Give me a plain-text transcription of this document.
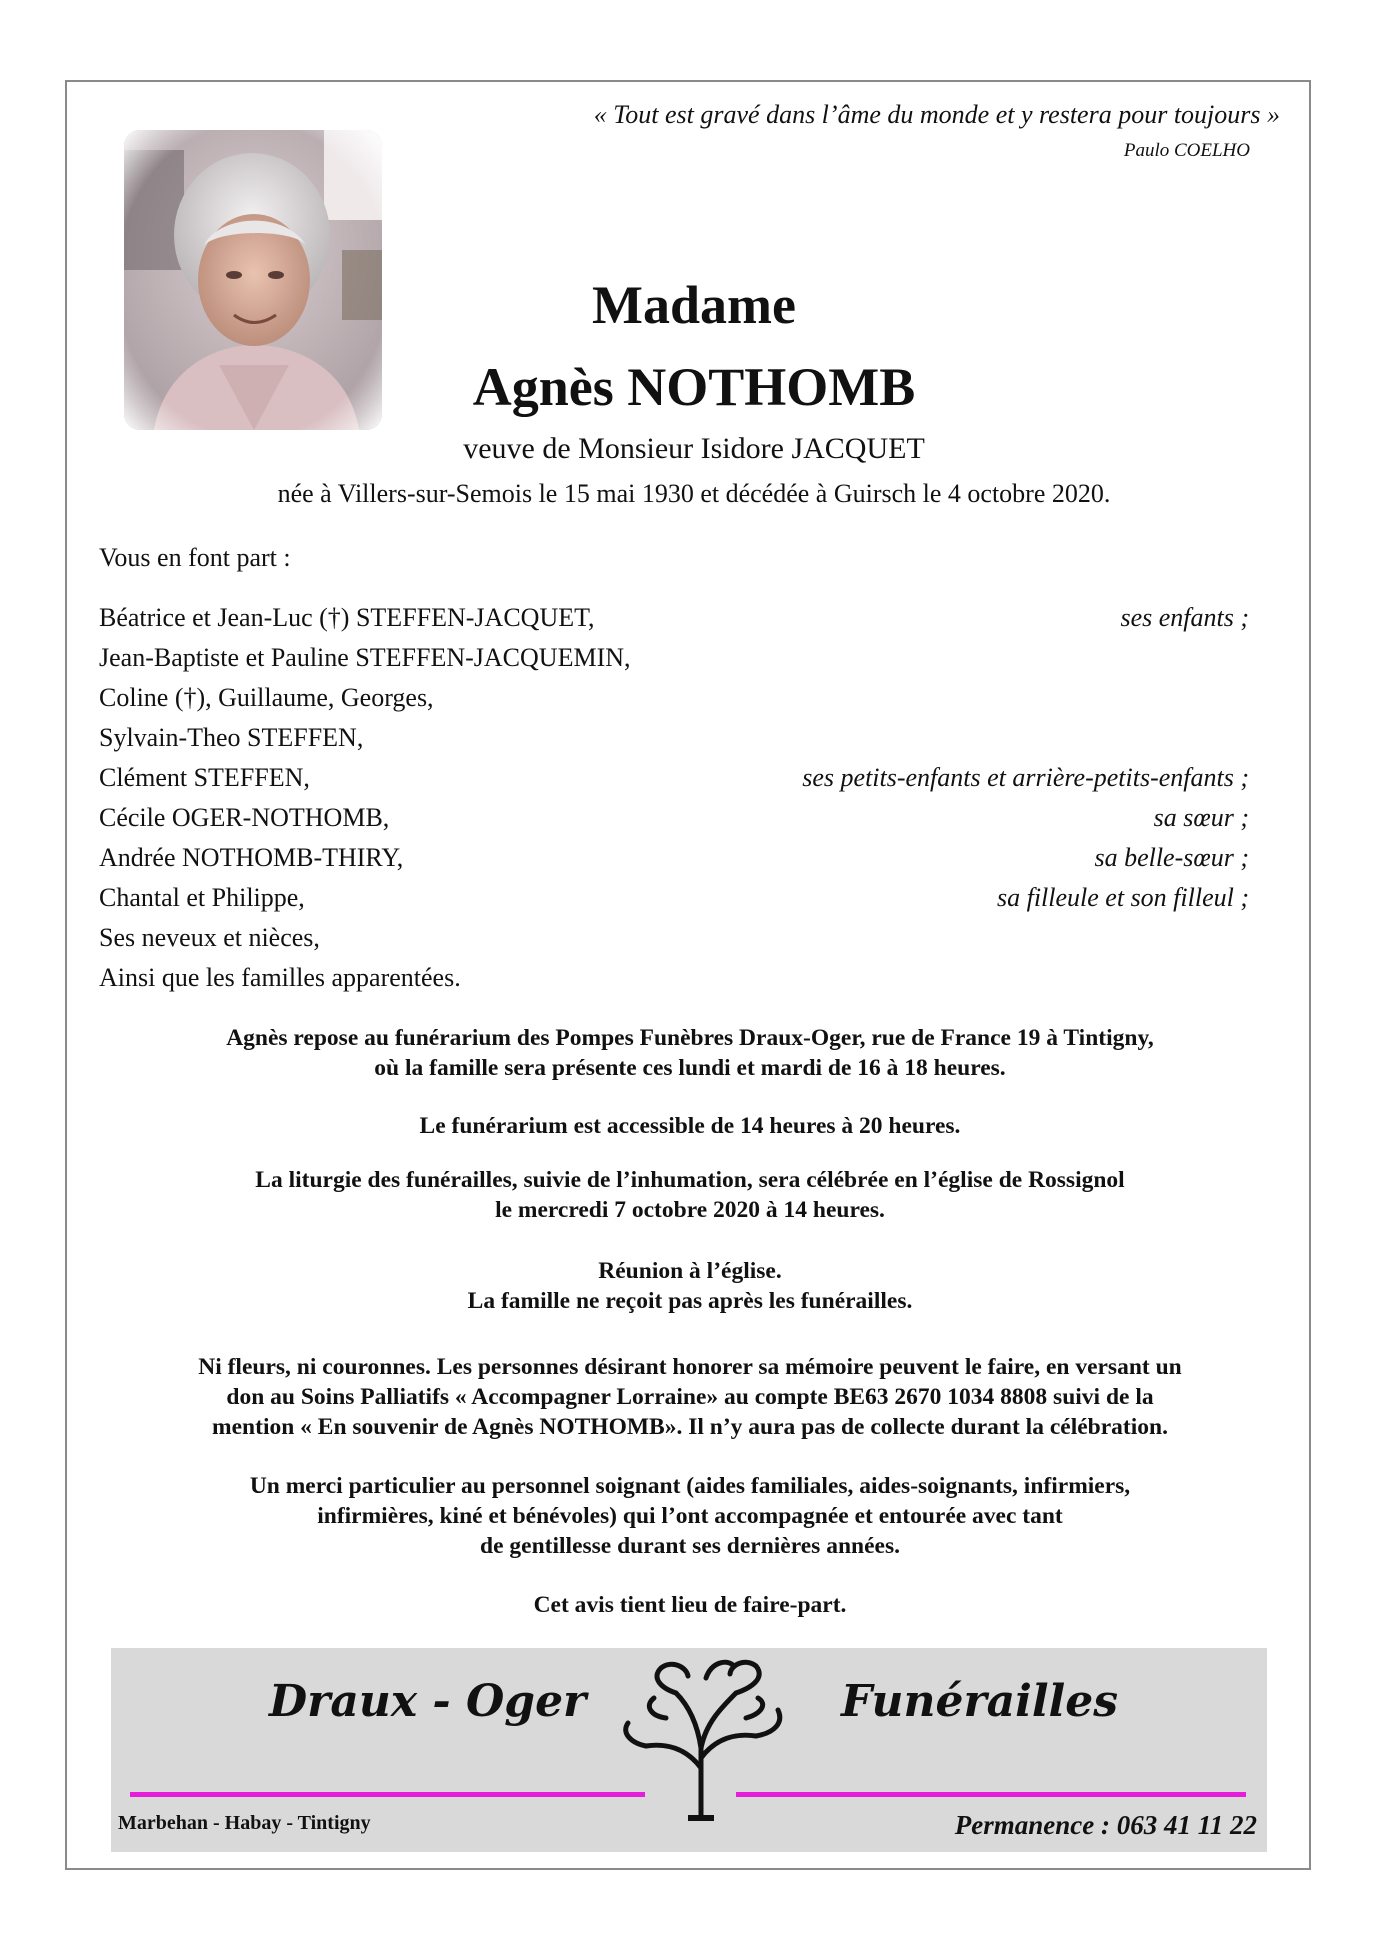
« Tout est gravé dans l’âme du monde et y restera pour toujours »
Paulo COELHO
Madame
Agnès NOTHOMB
veuve de Monsieur Isidore JACQUET
née à Villers-sur-Semois le 15 mai 1930 et décédée à Guirsch le 4 octobre 2020.
Vous en font part :
Béatrice et Jean-Luc (†) STEFFEN-JACQUET,	ses enfants ;
Jean-Baptiste et Pauline STEFFEN-JACQUEMIN,
Coline (†), Guillaume, Georges,
Sylvain-Theo STEFFEN,
Clément STEFFEN,	ses petits-enfants et arrière-petits-enfants ;
Cécile OGER-NOTHOMB,	sa sœur ;
Andrée NOTHOMB-THIRY,	sa belle-sœur ;
Chantal et Philippe,	sa filleule et son filleul ;
Ses neveux et nièces,
Ainsi que les familles apparentées.
Agnès repose au funérarium des Pompes Funèbres Draux-Oger, rue de France 19 à Tintigny,
où la famille sera présente ces lundi et mardi de 16 à 18 heures.
Le funérarium est accessible de 14 heures à 20 heures.
La liturgie des funérailles, suivie de l’inhumation, sera célébrée en l’église de Rossignol
le mercredi 7 octobre 2020 à 14 heures.
Réunion à l’église.
La famille ne reçoit pas après les funérailles.
Ni fleurs, ni couronnes. Les personnes désirant honorer sa mémoire peuvent le faire, en versant un
don au Soins Palliatifs « Accompagner Lorraine» au compte BE63 2670 1034 8808 suivi de la
mention « En souvenir de Agnès NOTHOMB». Il n’y aura pas de collecte durant la célébration.
Un merci particulier au personnel soignant (aides familiales, aides-soignants, infirmiers,
infirmières, kiné et bénévoles) qui l’ont accompagnée et entourée avec tant
de gentillesse durant ses dernières années.
Cet avis tient lieu de faire-part.
Draux - Oger	Funérailles
Marbehan - Habay - Tintigny	Permanence : 063 41 11 22
